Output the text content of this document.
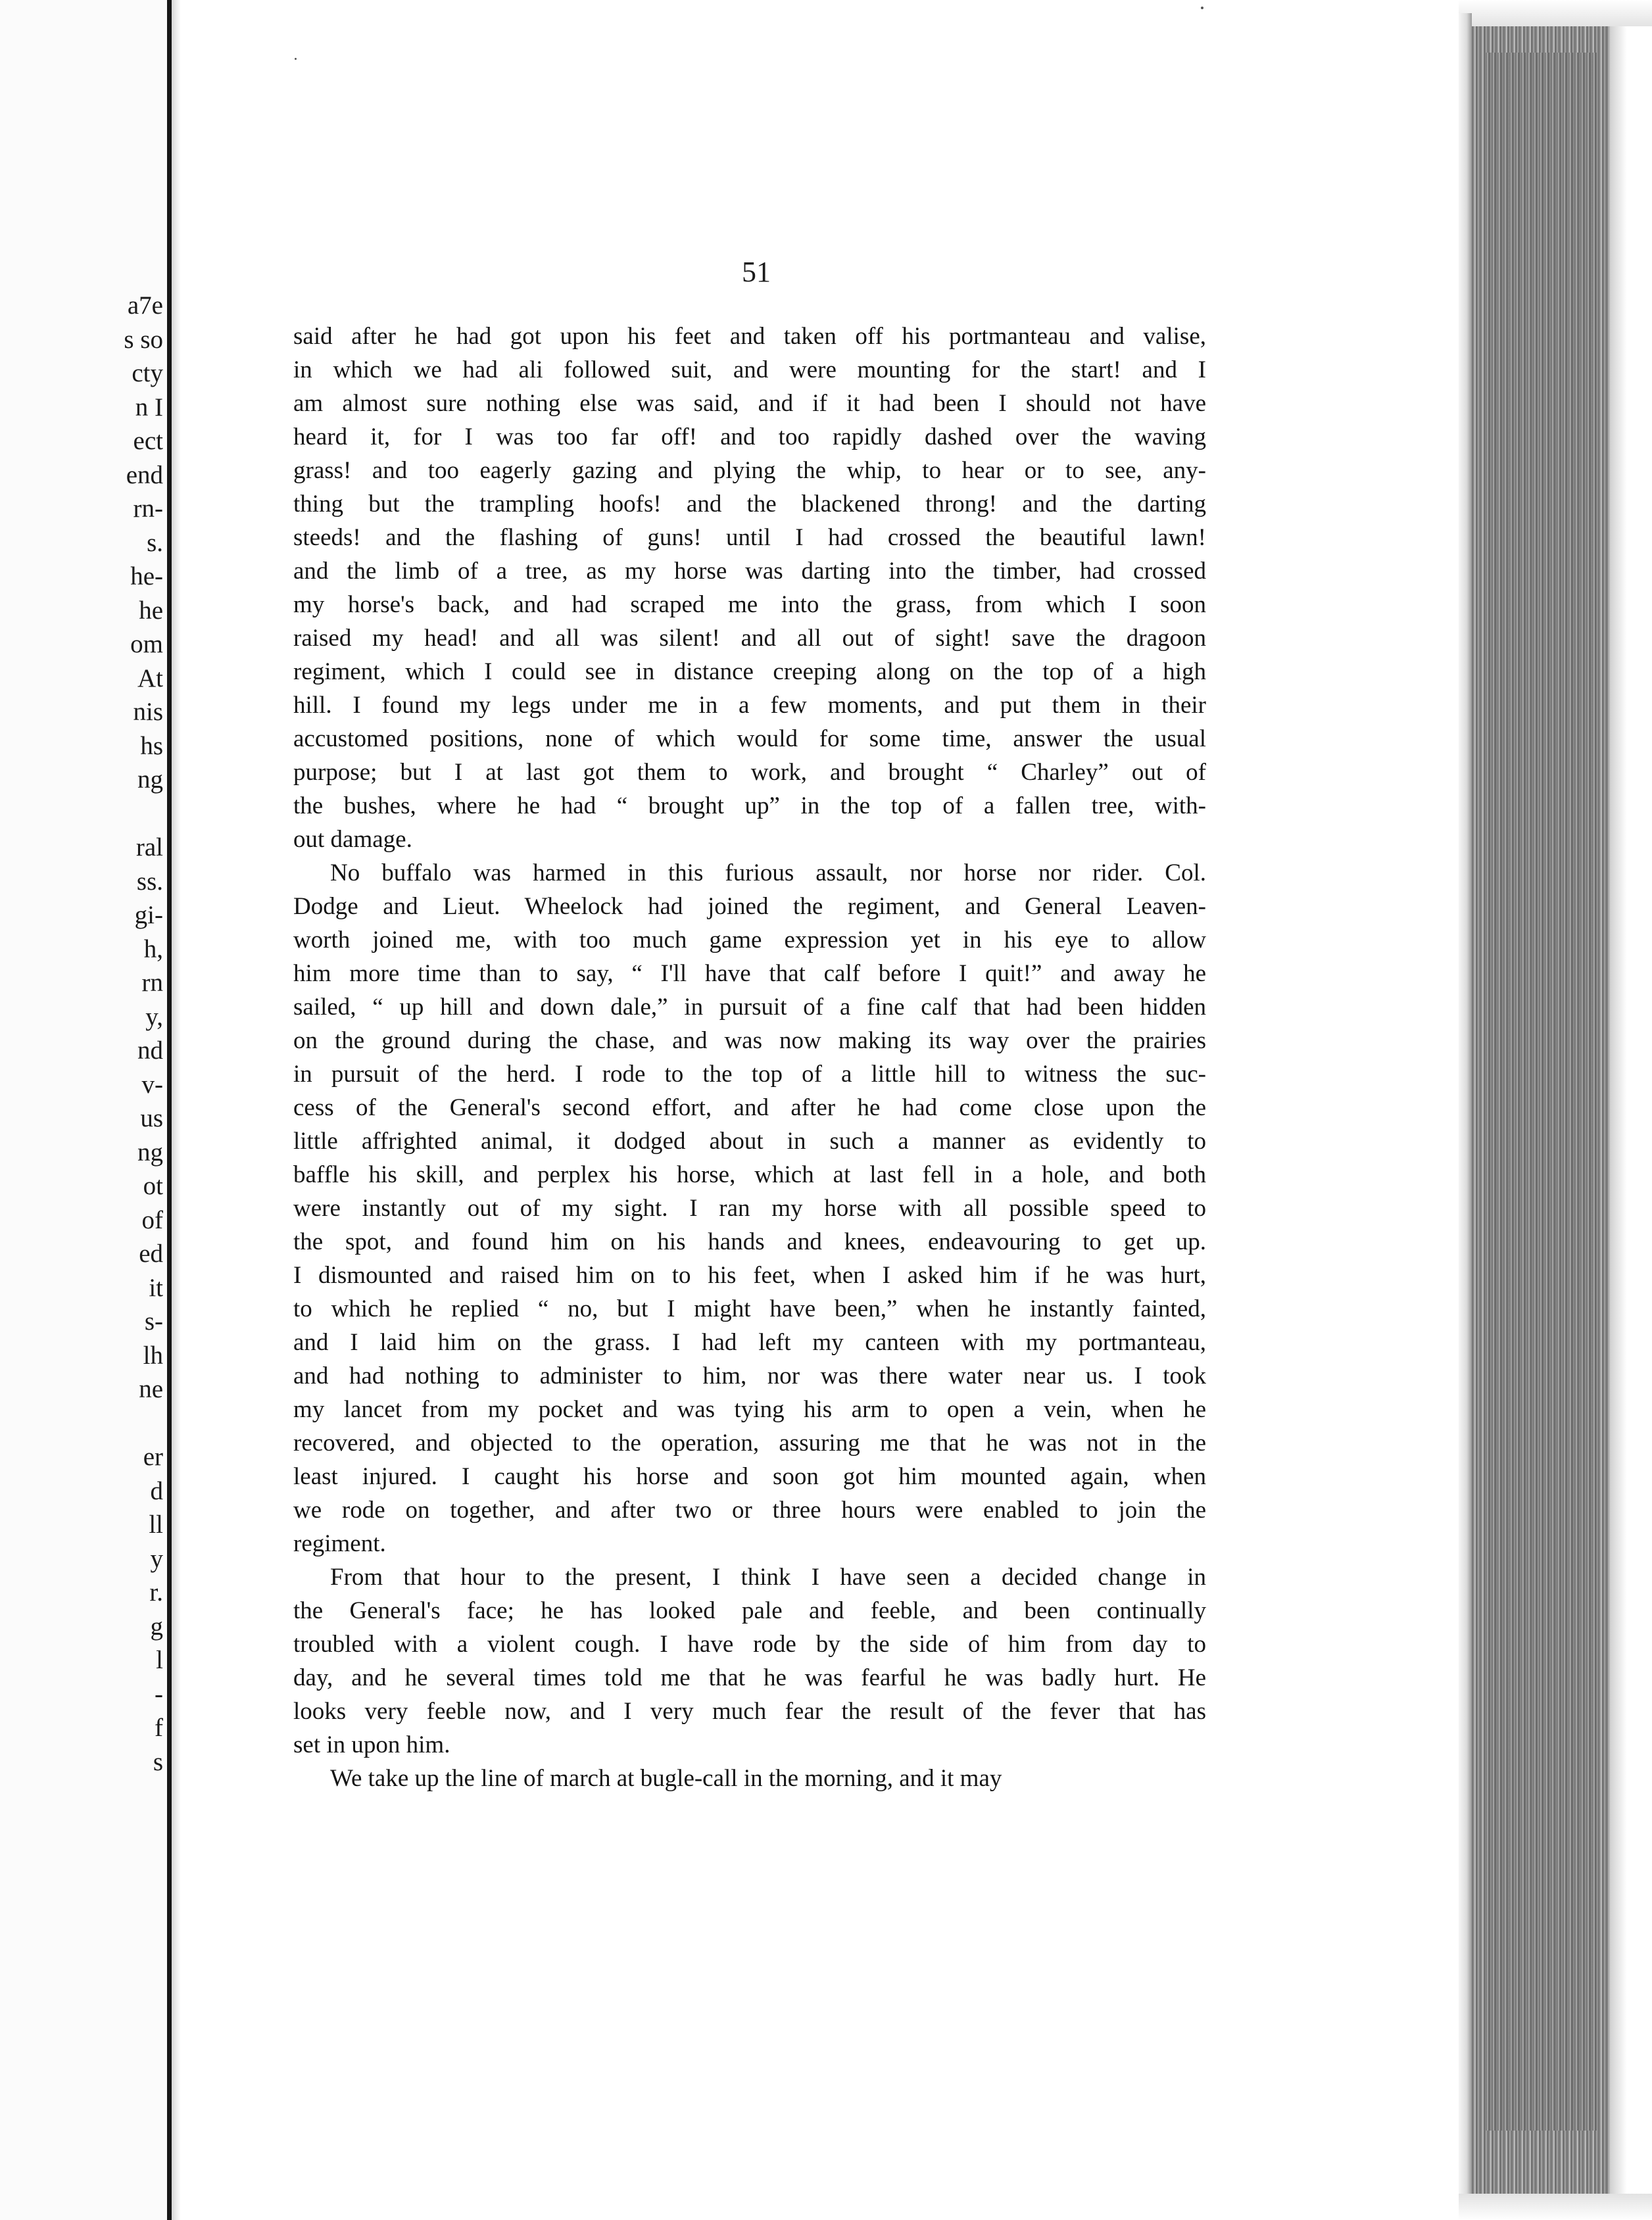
a7e
s so
cty
n I
ect
end
rn-
s.
he-
he
om
At
nis
hs
ng
ral
ss.
gi-
h,
rn
y,
nd
v-
us
ng
ot
of
ed
it
s-
lh
ne
er
d
ll
y
r.
g
l
-
f
s
51
said after he had got upon his feet and taken off his portmanteau and valise,
in which we had ali followed suit, and were mounting for the start! and I
am almost sure nothing else was said, and if it had been I should not have
heard it, for I was too far off! and too rapidly dashed over the waving
grass! and too eagerly gazing and plying the whip, to hear or to see, any-
thing but the trampling hoofs! and the blackened throng! and the darting
steeds! and the flashing of guns! until I had crossed the beautiful lawn!
and the limb of a tree, as my horse was darting into the timber, had crossed
my horse's back, and had scraped me into the grass, from which I soon
raised my head! and all was silent! and all out of sight! save the dragoon
regiment, which I could see in distance creeping along on the top of a high
hill. I found my legs under me in a few moments, and put them in their
accustomed positions, none of which would for some time, answer the usual
purpose; but I at last got them to work, and brought “ Charley” out of
the bushes, where he had “ brought up” in the top of a fallen tree, with-
out damage.
No buffalo was harmed in this furious assault, nor horse nor rider. Col.
Dodge and Lieut. Wheelock had joined the regiment, and General Leaven-
worth joined me, with too much game expression yet in his eye to allow
him more time than to say, “ I'll have that calf before I quit!” and away he
sailed, “ up hill and down dale,” in pursuit of a fine calf that had been hidden
on the ground during the chase, and was now making its way over the prairies
in pursuit of the herd. I rode to the top of a little hill to witness the suc-
cess of the General's second effort, and after he had come close upon the
little affrighted animal, it dodged about in such a manner as evidently to
baffle his skill, and perplex his horse, which at last fell in a hole, and both
were instantly out of my sight. I ran my horse with all possible speed to
the spot, and found him on his hands and knees, endeavouring to get up.
I dismounted and raised him on to his feet, when I asked him if he was hurt,
to which he replied “ no, but I might have been,” when he instantly fainted,
and I laid him on the grass. I had left my canteen with my portmanteau,
and had nothing to administer to him, nor was there water near us. I took
my lancet from my pocket and was tying his arm to open a vein, when he
recovered, and objected to the operation, assuring me that he was not in the
least injured. I caught his horse and soon got him mounted again, when
we rode on together, and after two or three hours were enabled to join the
regiment.
From that hour to the present, I think I have seen a decided change in
the General's face; he has looked pale and feeble, and been continually
troubled with a violent cough. I have rode by the side of him from day to
day, and he several times told me that he was fearful he was badly hurt. He
looks very feeble now, and I very much fear the result of the fever that has
set in upon him.
We take up the line of march at bugle-call in the morning, and it may
